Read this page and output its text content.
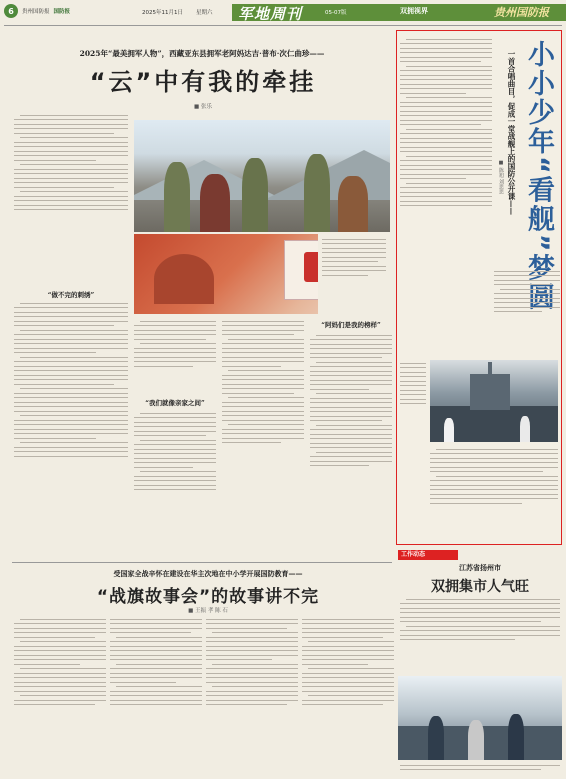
6	贵州国防报 国防报	2025年11月1日 星期六 军地周刊	05-07版	双拥视界	贵州国防报
2025年“最美拥军人物”，西藏亚东县拥军老阿妈达吉·普布·次仁曲珍——
“云”中有我的牵挂
■ 张乐
“做不完的刺绣”
“我们就像亲家之间”
“阿妈们是我的榜样”
小小少年“看舰”梦圆
一首合唱曲目，促成一堂战舰上的国防公开课——
■ 陈旭 刘思思
工作动态
江苏省扬州市
双拥集市人气旺
受国家全战辛怀在建设在华主次地在中小学开展国防教育——
“战旗故事会”的故事讲不完
■ 王振 孝 陈 石
